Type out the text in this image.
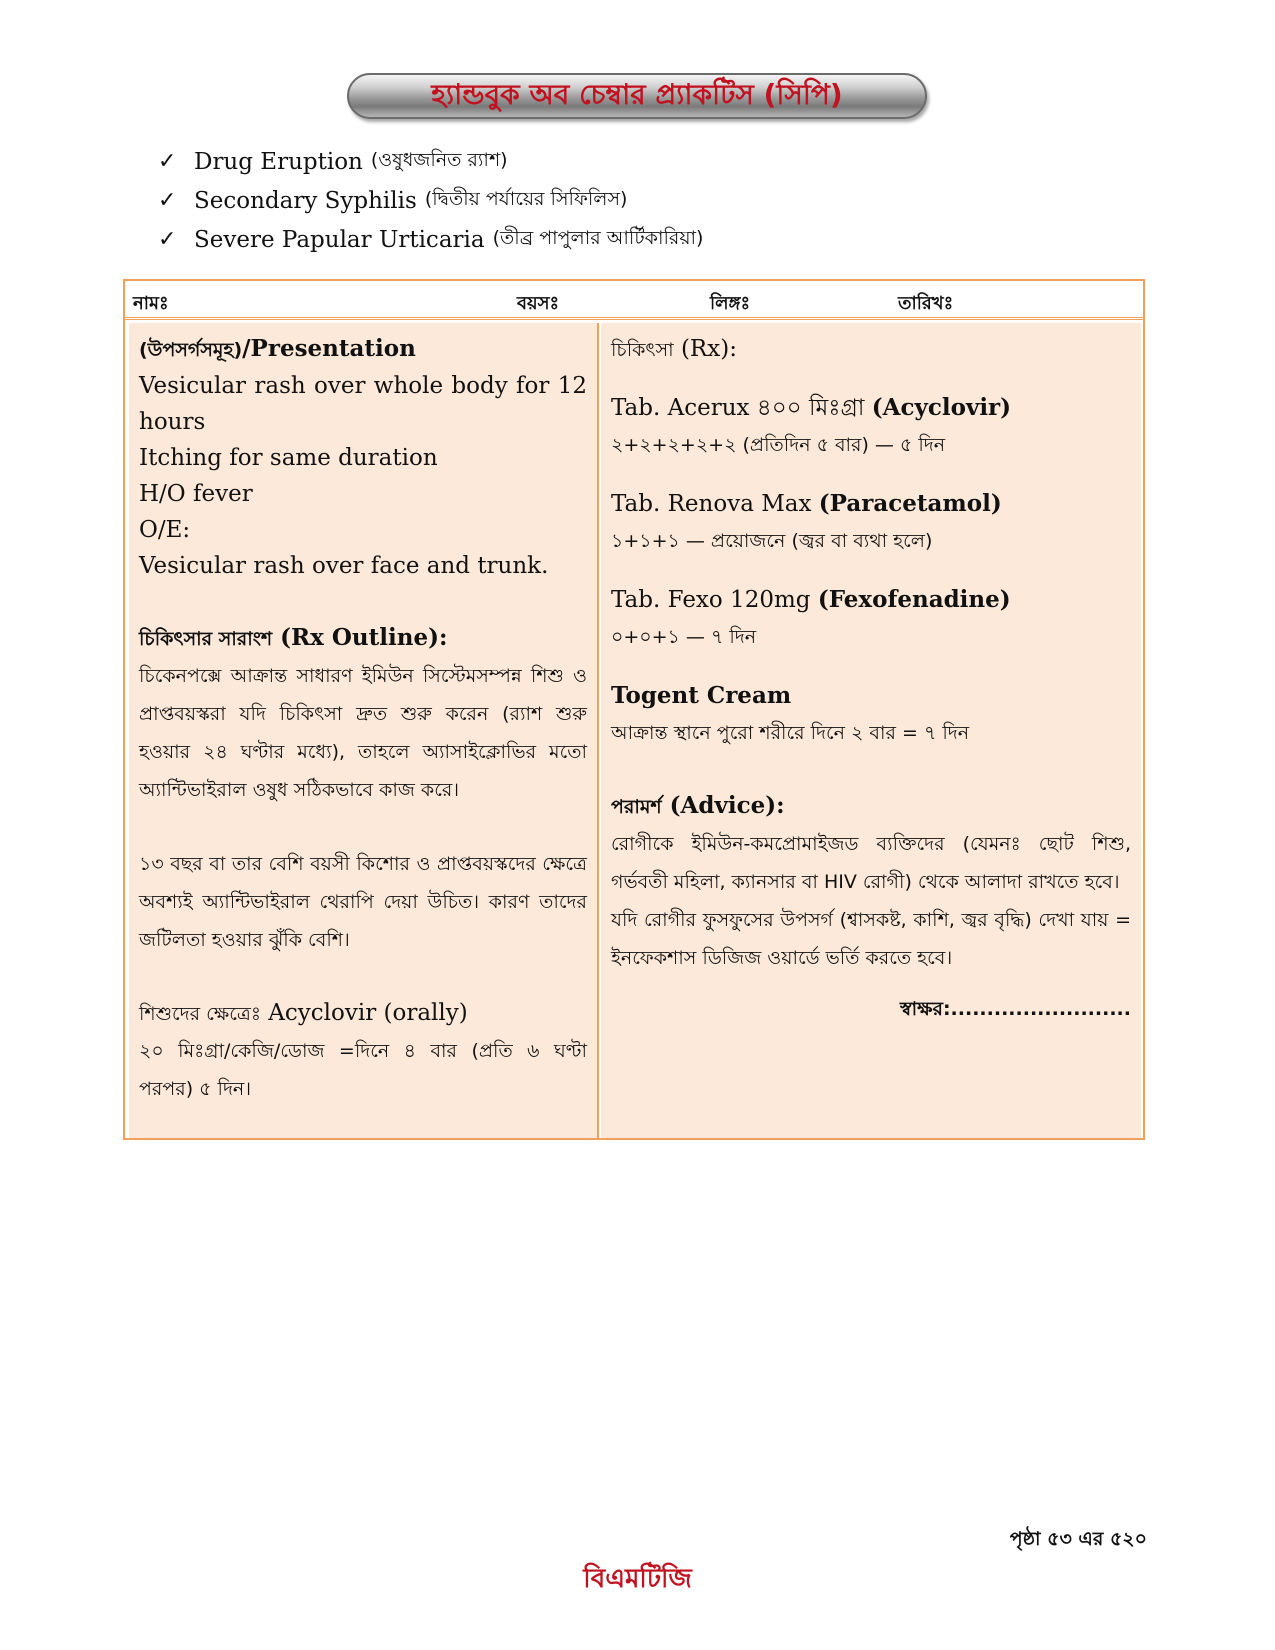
হ্যান্ডবুক অব চেম্বার প্র্যাকটিস (সিপি)
✓ Drug Eruption (ওষুধজনিত র‍্যাশ)
✓ Secondary Syphilis (দ্বিতীয় পর্যায়ের সিফিলিস)
✓ Severe Papular Urticaria (তীব্র পাপুলার আর্টিকারিয়া)
নামঃ	বয়সঃ	লিঙ্গঃ	তারিখঃ
(উপসর্গসমূহ)/Presentation
Vesicular rash over whole body for 12 hours
Itching for same duration
H/O fever
O/E:
Vesicular rash over face and trunk.
চিকিৎসার সারাংশ (Rx Outline):
চিকেনপক্সে আক্রান্ত সাধারণ ইমিউন সিস্টেমসম্পন্ন শিশু ও প্রাপ্তবয়স্করা যদি চিকিৎসা দ্রুত শুরু করেন (র‍্যাশ শুরু হওয়ার ২৪ ঘণ্টার মধ্যে), তাহলে অ্যাসাইক্লোভির মতো অ্যান্টিভাইরাল ওষুধ সঠিকভাবে কাজ করে।
১৩ বছর বা তার বেশি বয়সী কিশোর ও প্রাপ্তবয়স্কদের ক্ষেত্রে অবশ্যই অ্যান্টিভাইরাল থেরাপি দেয়া উচিত। কারণ তাদের জটিলতা হওয়ার ঝুঁকি বেশি।
শিশুদের ক্ষেত্রেঃ Acyclovir (orally)
২০ মিঃগ্রা/কেজি/ডোজ =দিনে ৪ বার (প্রতি ৬ ঘণ্টা পরপর) ৫ দিন।
চিকিৎসা (Rx):
Tab. Acerux ৪০০ মিঃগ্রা (Acyclovir)
২+২+২+২+২ (প্রতিদিন ৫ বার) — ৫ দিন
Tab. Renova Max (Paracetamol)
১+১+১ — প্রয়োজনে (জ্বর বা ব্যথা হলে)
Tab. Fexo 120mg (Fexofenadine)
০+০+১ — ৭ দিন
Togent Cream
আক্রান্ত স্থানে পুরো শরীরে দিনে ২ বার = ৭ দিন
পরামর্শ (Advice):
রোগীকে ইমিউন-কমপ্রোমাইজড ব্যক্তিদের (যেমনঃ ছোট শিশু, গর্ভবতী মহিলা, ক্যানসার বা HIV রোগী) থেকে আলাদা রাখতে হবে।
যদি রোগীর ফুসফুসের উপসর্গ (শ্বাসকষ্ট, কাশি, জ্বর বৃদ্ধি) দেখা যায় = ইনফেকশাস ডিজিজ ওয়ার্ডে ভর্তি করতে হবে।
স্বাক্ষর:.........................
পৃষ্ঠা ৫৩ এর ৫২০
বিএমটিজি
